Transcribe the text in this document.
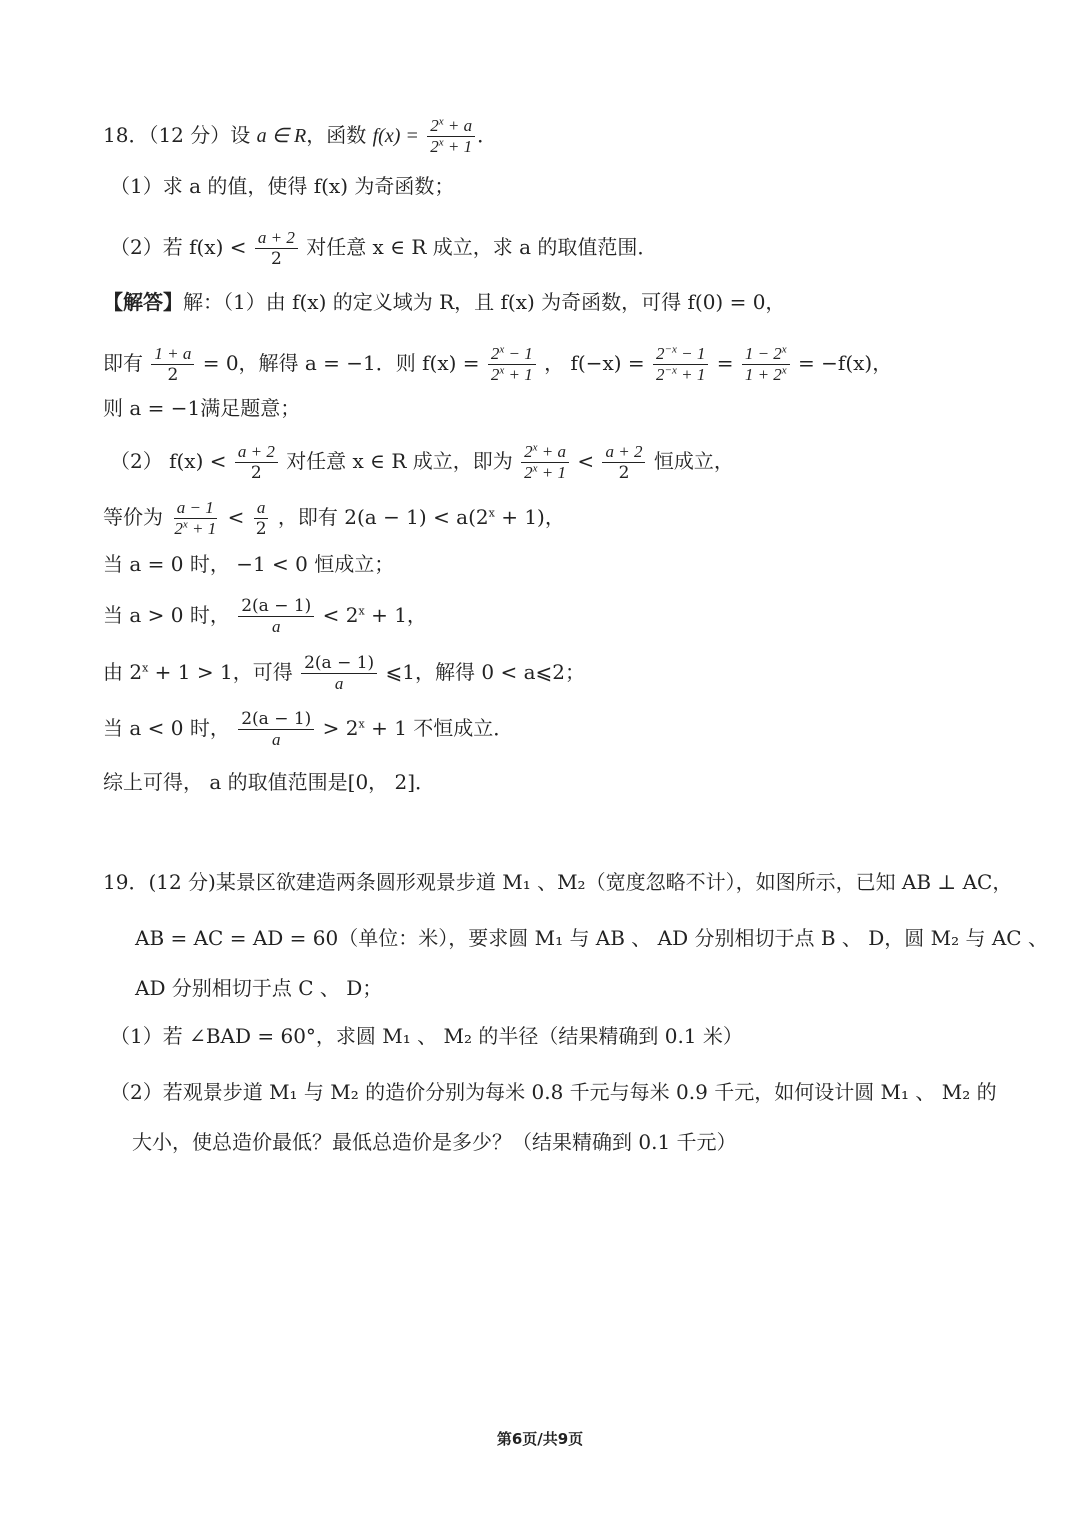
18．（12 分）设 a ∈ R，函数 $f(x) = \frac{2^x + a}{2^x + 1}$ ．
（1）求 a 的值，使得 f(x) 为奇函数；
（2）若 $f(x) < \frac{a + 2}{2}$ 对任意 x ∈ R 成立，求 a 的取值范围．
【解答】解：（1）由 f(x) 的定义域为 R，且 f(x) 为奇函数，可得 f(0) = 0，
即有 $\frac{1 + a}{2} = 0$，解得 a = −1．则 $f(x) = \frac{2^x - 1}{2^x + 1}$ ， $f(-x) = \frac{2^{-x} - 1}{2^{-x} + 1} = \frac{1 - 2^x}{1 + 2^x} = -f(x)$，
则 a = −1满足题意；
（2） $f(x) < \frac{a + 2}{2}$ 对任意 x ∈ R 成立，即为 $\frac{2^x + a}{2^x + 1} < \frac{a + 2}{2}$ 恒成立，
等价为 $\frac{a - 1}{2^x + 1} < \frac{a}{2}$ ，即有 $2(a - 1) < a(2^x + 1)$，
当 a = 0 时， −1 < 0 恒成立；
当 a > 0 时， $\frac{2(a - 1)}{a} < 2^x + 1$，
由 $2^x + 1 > 1$，可得 $\frac{2(a - 1)}{a}$ ⩽1，解得 0 < a⩽2；
当 a < 0 时， $\frac{2(a - 1)}{a} > 2^x + 1$ 不恒成立．
综上可得， a 的取值范围是[0， 2]．
19．(12 分)某景区欲建造两条圆形观景步道 M₁ 、M₂（宽度忽略不计），如图所示，已知 AB ⊥ AC，
AB = AC = AD = 60（单位：米），要求圆 M₁ 与 AB 、 AD 分别相切于点 B 、 D，圆 M₂ 与 AC 、
AD 分别相切于点 C 、 D；
（1）若 ∠BAD = 60°，求圆 M₁ 、 M₂ 的半径（结果精确到 0.1 米）
（2）若观景步道 M₁ 与 M₂ 的造价分别为每米 0.8 千元与每米 0.9 千元，如何设计圆 M₁ 、 M₂ 的
大小，使总造价最低？最低总造价是多少？（结果精确到 0.1 千元）
第6页/共9页
